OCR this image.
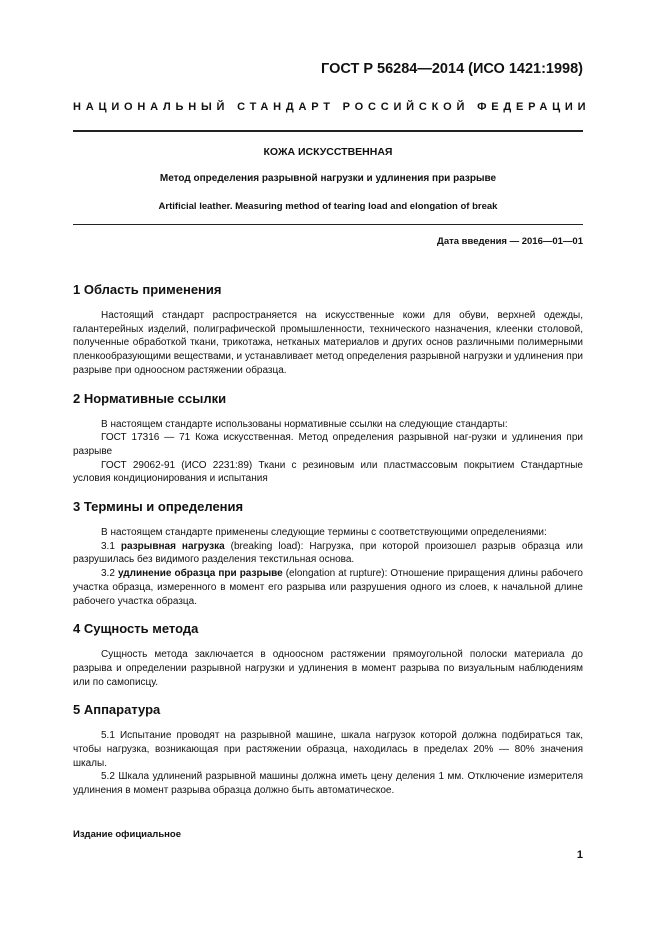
ГОСТ Р 56284—2014 (ИСО 1421:1998)
НАЦИОНАЛЬНЫЙ СТАНДАРТ РОССИЙСКОЙ ФЕДЕРАЦИИ
КОЖА ИСКУССТВЕННАЯ
Метод определения разрывной нагрузки и удлинения при разрыве
Artificial leather. Measuring method of tearing load and elongation of break
Дата введения — 2016—01—01
1 Область применения

Настоящий стандарт распространяется на искусственные кожи для обуви, верхней одежды, галантерейных изделий, полиграфической промышленности, технического назначения, клеенки столовой, полученные обработкой ткани, трикотажа, нетканых материалов и других основ различными полимерными пленкообразующими веществами, и устанавливает метод определения разрывной нагрузки и удлинения при разрыве при одноосном растяжении образца.

2 Нормативные ссылки

В настоящем стандарте использованы нормативные ссылки на следующие стандарты:

ГОСТ 17316 — 71 Кожа искусственная. Метод определения разрывной наг-рузки и удлинения при разрыве

ГОСТ 29062-91 (ИСО 2231:89) Ткани с резиновым или пластмассовым покрытием Стандартные условия кондиционирования и испытания

3 Термины и определения

В настоящем стандарте применены следующие термины с соответствующими определениями:

3.1 разрывная нагрузка (breaking load): Нагрузка, при которой произошел разрыв образца или разрушилась без видимого разделения текстильная основа.

3.2 удлинение образца при разрыве (elongation at rupture): Отношение приращения длины рабочего участка образца, измеренного в момент его разрыва или разрушения одного из слоев, к начальной длине рабочего участка образца.

4 Сущность метода

Сущность метода заключается в одноосном растяжении прямоугольной полоски материала до разрыва и определении разрывной нагрузки и удлинения в момент разрыва по визуальным наблюдениям или по самописцу.

5 Аппаратура

5.1 Испытание проводят на разрывной машине, шкала нагрузок которой должна подбираться так, чтобы нагрузка, возникающая при растяжении образца, находилась в пределах 20% — 80% значения шкалы.

5.2 Шкала удлинений разрывной машины должна иметь цену деления 1 мм. Отключение измерителя удлинения в момент разрыва образца должно быть автоматическое.

Издание официальное
1
